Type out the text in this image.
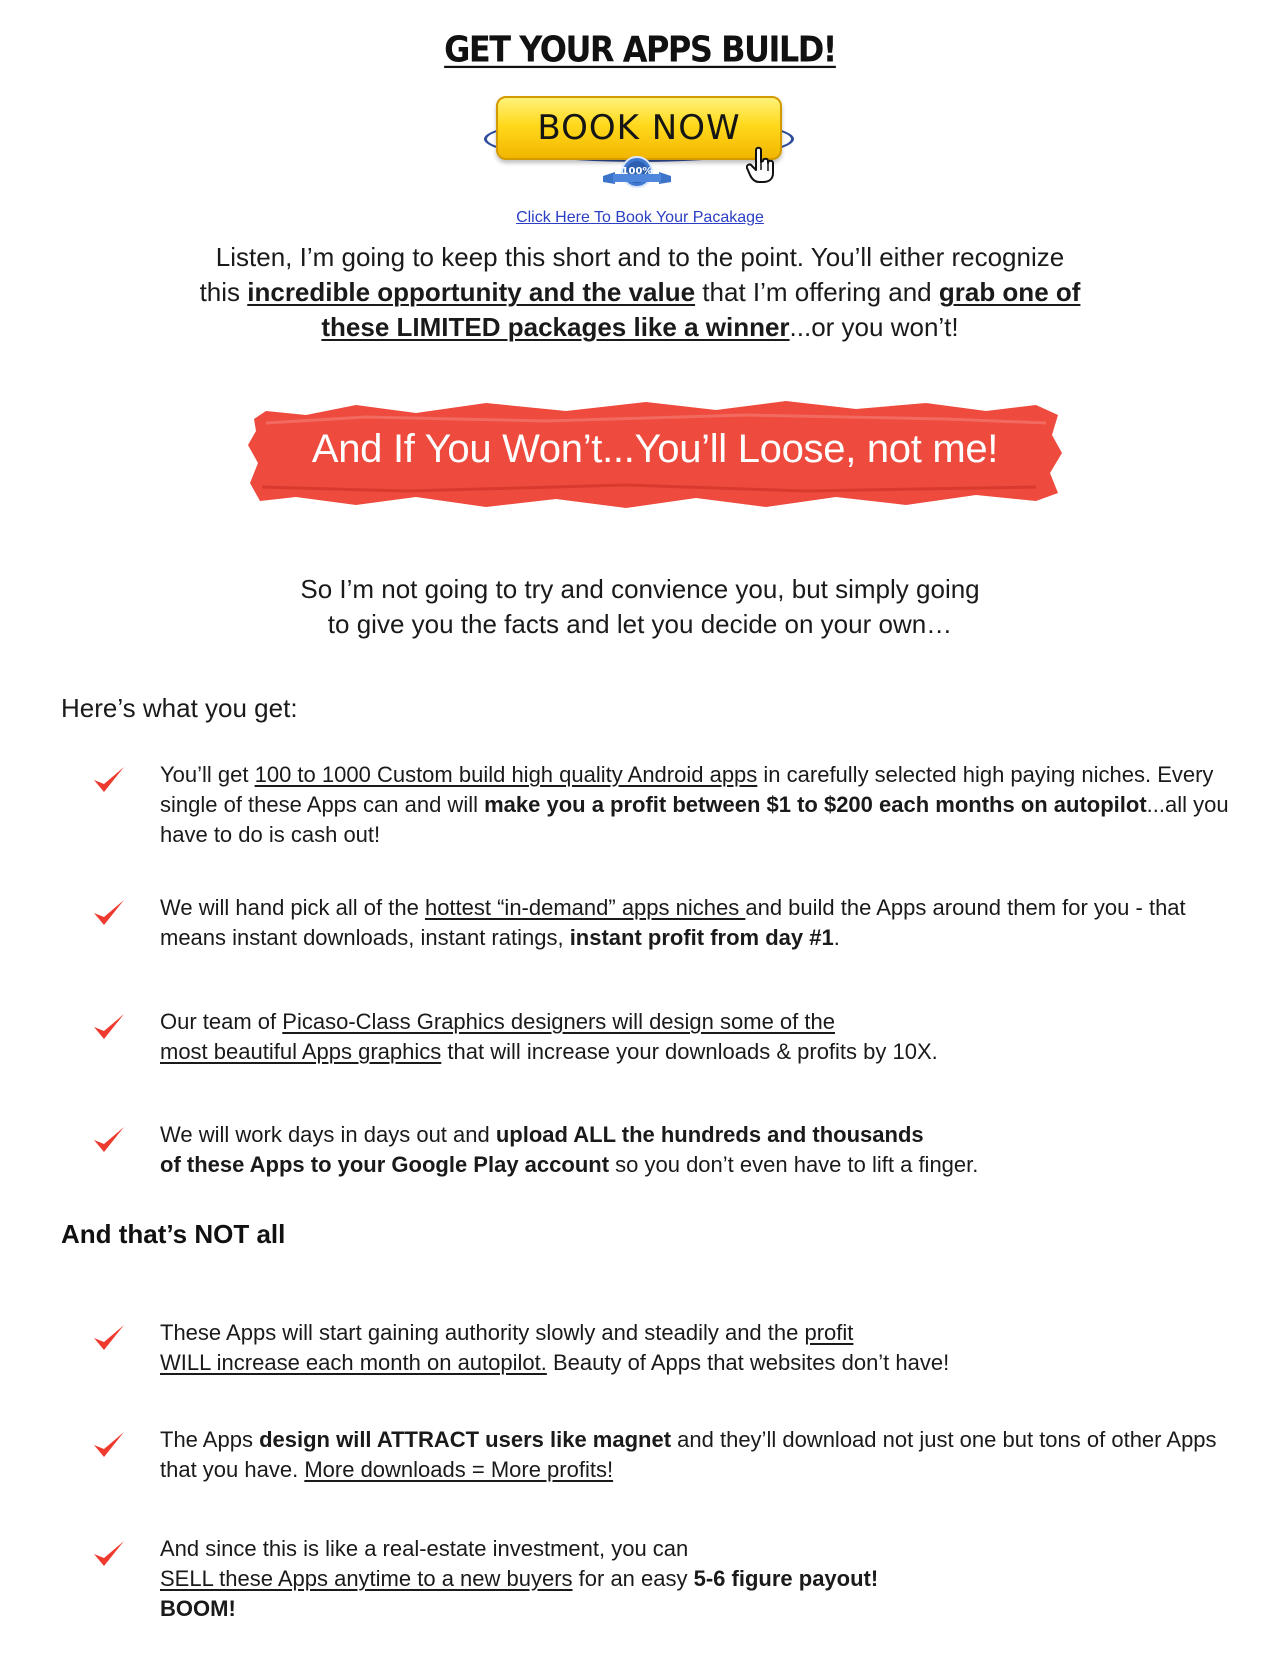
GET YOUR APPS BUILD!
BOOK NOW
100%
Click Here To Book Your Pacakage
Listen, I’m going to keep this short and to the point. You’ll either recognize
this incredible opportunity and the value that I’m offering and grab one of
these LIMITED packages like a winner...or you won’t!
And If You Won’t...You’ll Loose, not me!
So I’m not going to try and convience you, but simply going
to give you the facts and let you decide on your own…
Here’s what you get:
You’ll get 100 to 1000 Custom build high quality Android apps in carefully selected high paying niches. Every single of these Apps can and will make you a profit between $1 to $200 each months on autopilot...all you have to do is cash out!
We will hand pick all of the hottest “in-demand” apps niches and build the Apps around them for you - that means instant downloads, instant ratings, instant profit from day #1.
Our team of Picaso-Class Graphics designers will design some of the
most beautiful Apps graphics that will increase your downloads & profits by 10X.
We will work days in days out and upload ALL the hundreds and thousands
of these Apps to your Google Play account so you don’t even have to lift a finger.
And that’s NOT all
These Apps will start gaining authority slowly and steadily and the profit
WILL increase each month on autopilot. Beauty of Apps that websites don’t have!
The Apps design will ATTRACT users like magnet and they’ll download not just one but tons of other Apps that you have. More downloads = More profits!
And since this is like a real-estate investment, you can
SELL these Apps anytime to a new buyers for an easy 5-6 figure payout!
BOOM!
